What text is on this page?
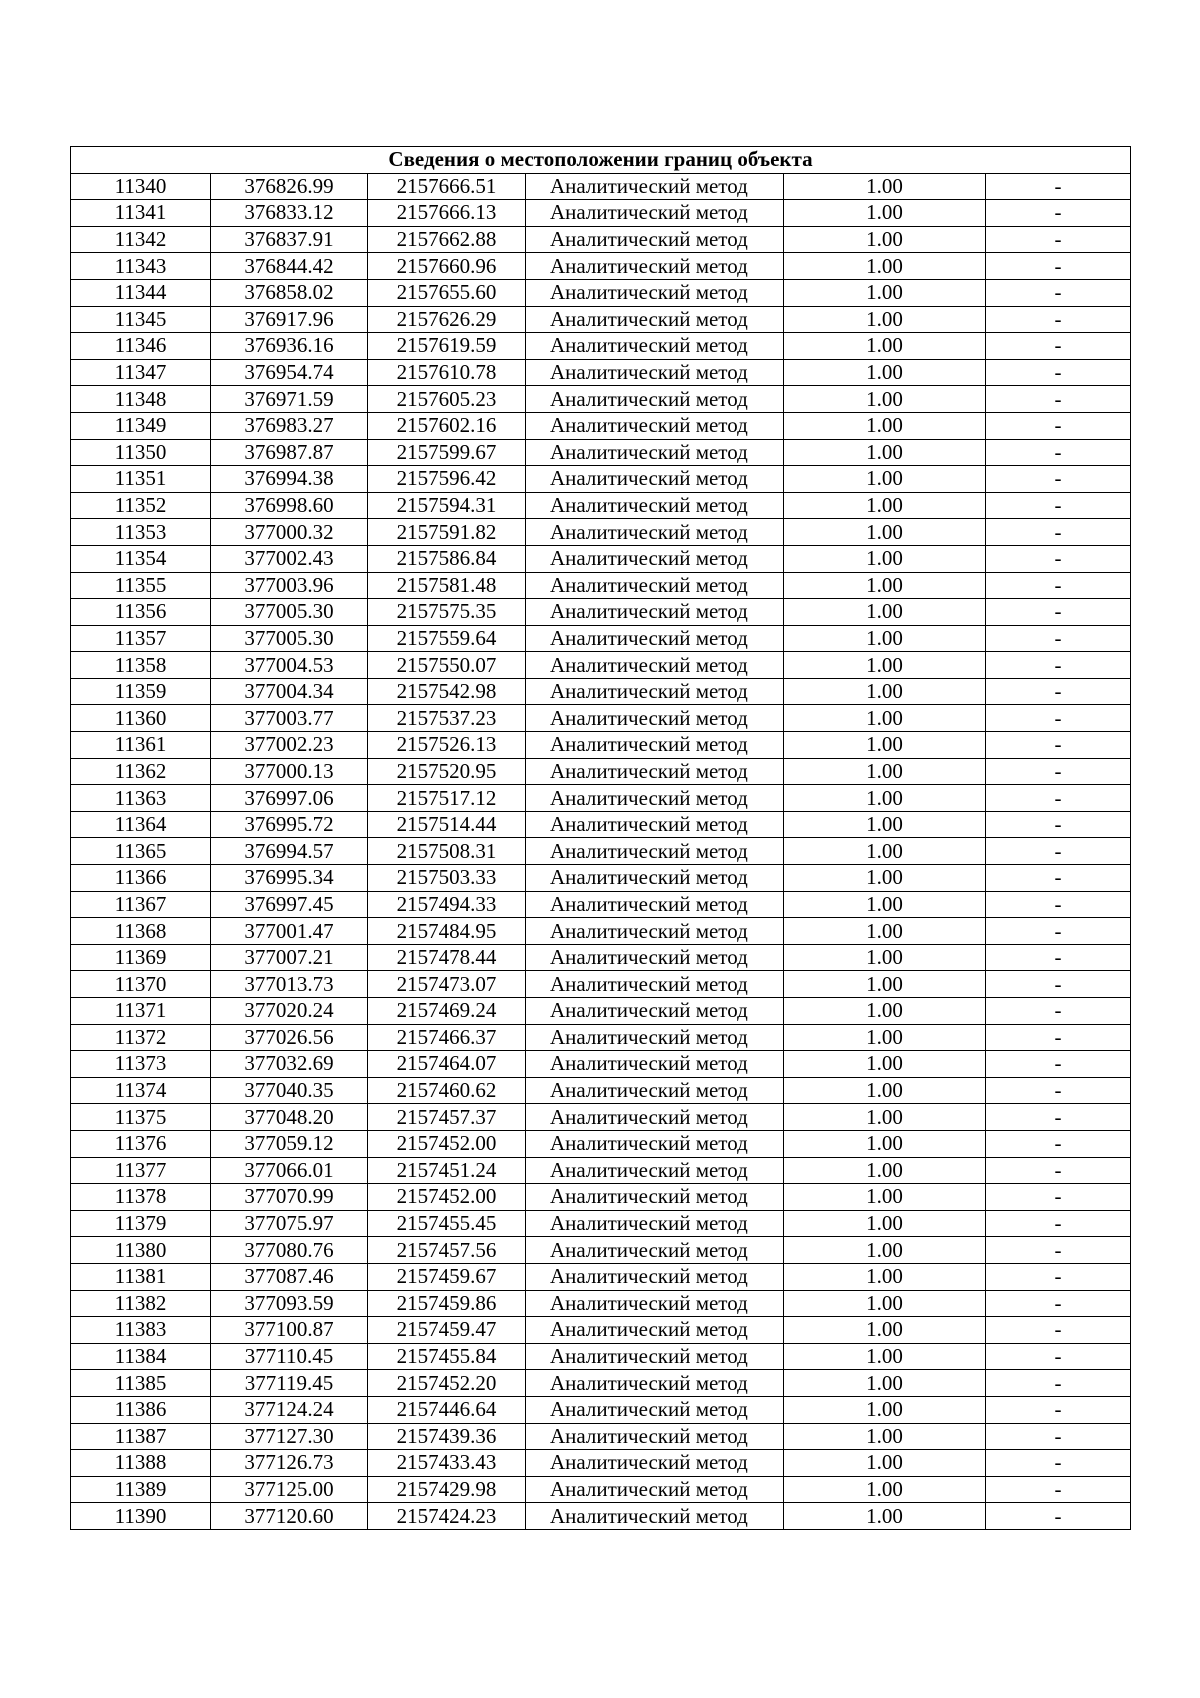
Сведения о местоположении границ объекта					
11340	376826.99	2157666.51	Аналитический метод	1.00	-
11341	376833.12	2157666.13	Аналитический метод	1.00	-
11342	376837.91	2157662.88	Аналитический метод	1.00	-
11343	376844.42	2157660.96	Аналитический метод	1.00	-
11344	376858.02	2157655.60	Аналитический метод	1.00	-
11345	376917.96	2157626.29	Аналитический метод	1.00	-
11346	376936.16	2157619.59	Аналитический метод	1.00	-
11347	376954.74	2157610.78	Аналитический метод	1.00	-
11348	376971.59	2157605.23	Аналитический метод	1.00	-
11349	376983.27	2157602.16	Аналитический метод	1.00	-
11350	376987.87	2157599.67	Аналитический метод	1.00	-
11351	376994.38	2157596.42	Аналитический метод	1.00	-
11352	376998.60	2157594.31	Аналитический метод	1.00	-
11353	377000.32	2157591.82	Аналитический метод	1.00	-
11354	377002.43	2157586.84	Аналитический метод	1.00	-
11355	377003.96	2157581.48	Аналитический метод	1.00	-
11356	377005.30	2157575.35	Аналитический метод	1.00	-
11357	377005.30	2157559.64	Аналитический метод	1.00	-
11358	377004.53	2157550.07	Аналитический метод	1.00	-
11359	377004.34	2157542.98	Аналитический метод	1.00	-
11360	377003.77	2157537.23	Аналитический метод	1.00	-
11361	377002.23	2157526.13	Аналитический метод	1.00	-
11362	377000.13	2157520.95	Аналитический метод	1.00	-
11363	376997.06	2157517.12	Аналитический метод	1.00	-
11364	376995.72	2157514.44	Аналитический метод	1.00	-
11365	376994.57	2157508.31	Аналитический метод	1.00	-
11366	376995.34	2157503.33	Аналитический метод	1.00	-
11367	376997.45	2157494.33	Аналитический метод	1.00	-
11368	377001.47	2157484.95	Аналитический метод	1.00	-
11369	377007.21	2157478.44	Аналитический метод	1.00	-
11370	377013.73	2157473.07	Аналитический метод	1.00	-
11371	377020.24	2157469.24	Аналитический метод	1.00	-
11372	377026.56	2157466.37	Аналитический метод	1.00	-
11373	377032.69	2157464.07	Аналитический метод	1.00	-
11374	377040.35	2157460.62	Аналитический метод	1.00	-
11375	377048.20	2157457.37	Аналитический метод	1.00	-
11376	377059.12	2157452.00	Аналитический метод	1.00	-
11377	377066.01	2157451.24	Аналитический метод	1.00	-
11378	377070.99	2157452.00	Аналитический метод	1.00	-
11379	377075.97	2157455.45	Аналитический метод	1.00	-
11380	377080.76	2157457.56	Аналитический метод	1.00	-
11381	377087.46	2157459.67	Аналитический метод	1.00	-
11382	377093.59	2157459.86	Аналитический метод	1.00	-
11383	377100.87	2157459.47	Аналитический метод	1.00	-
11384	377110.45	2157455.84	Аналитический метод	1.00	-
11385	377119.45	2157452.20	Аналитический метод	1.00	-
11386	377124.24	2157446.64	Аналитический метод	1.00	-
11387	377127.30	2157439.36	Аналитический метод	1.00	-
11388	377126.73	2157433.43	Аналитический метод	1.00	-
11389	377125.00	2157429.98	Аналитический метод	1.00	-
11390	377120.60	2157424.23	Аналитический метод	1.00	-
